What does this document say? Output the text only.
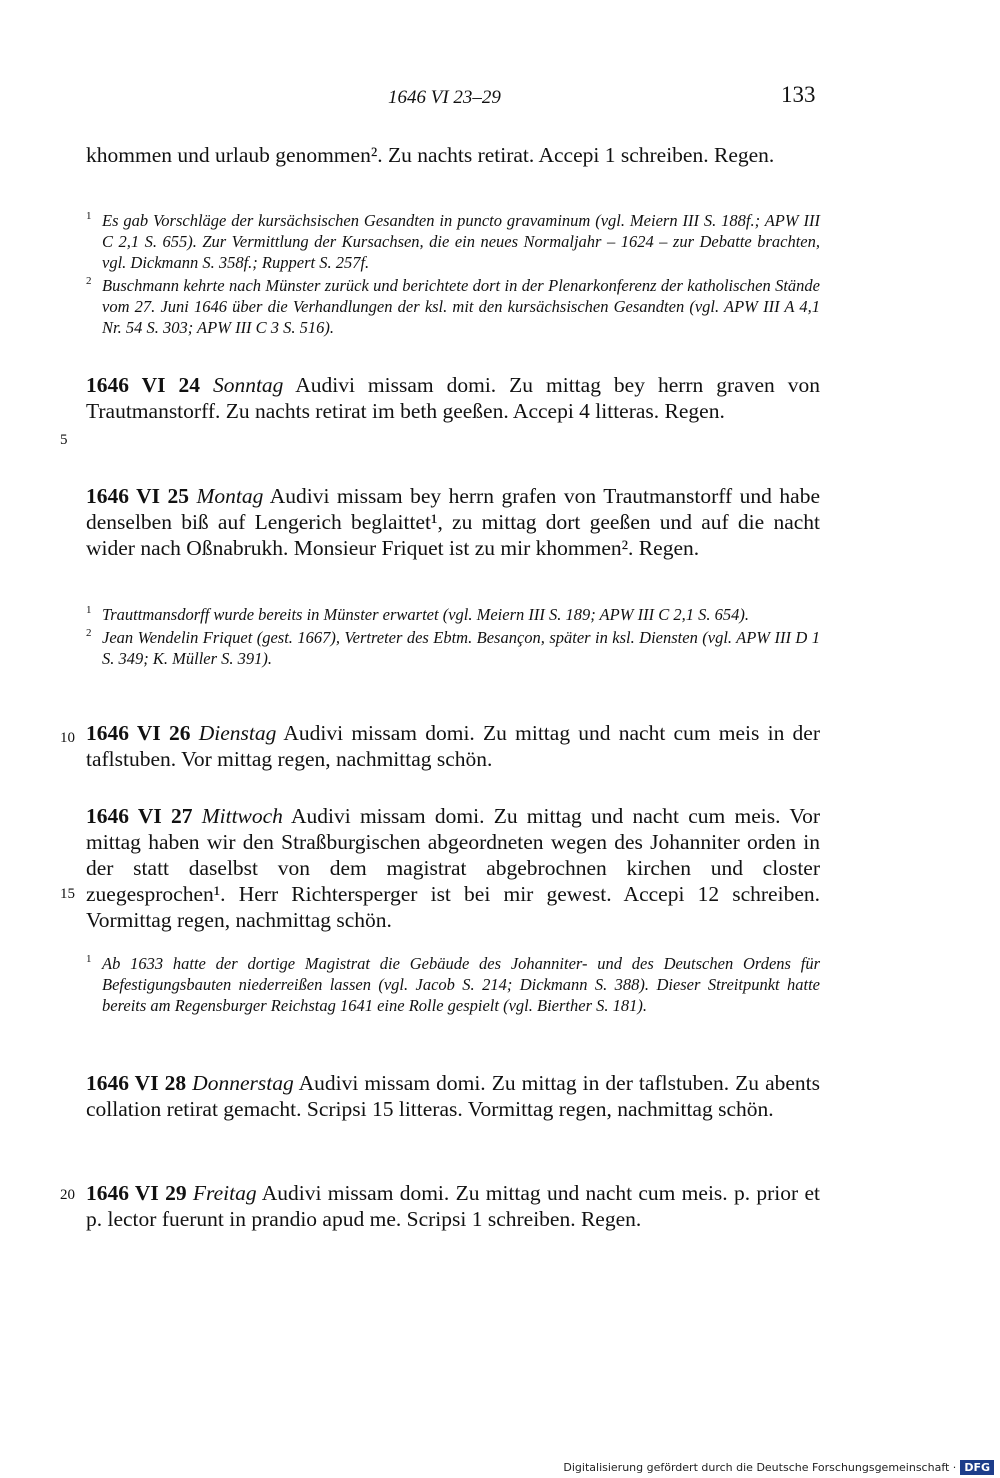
1646 VI 23–29	133
khommen und urlaub genommen². Zu nachts retirat. Accepi 1 schreiben. Regen.
1 Es gab Vorschläge der kursächsischen Gesandten in puncto gravaminum (vgl. Meiern III S. 188f.; APW III C 2,1 S. 655). Zur Vermittlung der Kursachsen, die ein neues Normaljahr – 1624 – zur Debatte brachten, vgl. Dickmann S. 358f.; Ruppert S. 257f.
2 Buschmann kehrte nach Münster zurück und berichtete dort in der Plenarkonferenz der katholischen Stände vom 27. Juni 1646 über die Verhandlungen der ksl. mit den kursächsischen Gesandten (vgl. APW III A 4,1 Nr. 54 S. 303; APW III C 3 S. 516).
1646 VI 24 Sonntag Audivi missam domi. Zu mittag bey herrn graven von Trautmanstorff. Zu nachts retirat im beth geeßen. Accepi 4 litteras. Regen.
5
1646 VI 25 Montag Audivi missam bey herrn grafen von Trautmanstorff und habe denselben biß auf Lengerich beglaittet¹, zu mittag dort geeßen und auf die nacht wider nach Oßnabrukh. Monsieur Friquet ist zu mir khommen². Regen.
1 Trauttmansdorff wurde bereits in Münster erwartet (vgl. Meiern III S. 189; APW III C 2,1 S. 654).
2 Jean Wendelin Friquet (gest. 1667), Vertreter des Ebtm. Besançon, später in ksl. Diensten (vgl. APW III D 1 S. 349; K. Müller S. 391).
1646 VI 26 Dienstag Audivi missam domi. Zu mittag und nacht cum meis in der taflstuben. Vor mittag regen, nachmittag schön.
10
1646 VI 27 Mittwoch Audivi missam domi. Zu mittag und nacht cum meis. Vor mittag haben wir den Straßburgischen abgeordneten wegen des Johanniter orden in der statt daselbst von dem magistrat abgebrochnen kirchen und closter zuegesprochen¹. Herr Richtersperger ist bei mir gewest. Accepi 12 schreiben. Vormittag regen, nachmittag schön.
15
1 Ab 1633 hatte der dortige Magistrat die Gebäude des Johanniter- und des Deutschen Ordens für Befestigungsbauten niederreißen lassen (vgl. Jacob S. 214; Dickmann S. 388). Dieser Streitpunkt hatte bereits am Regensburger Reichstag 1641 eine Rolle gespielt (vgl. Bierther S. 181).
1646 VI 28 Donnerstag Audivi missam domi. Zu mittag in der taflstuben. Zu abents collation retirat gemacht. Scripsi 15 litteras. Vormittag regen, nachmittag schön.
1646 VI 29 Freitag Audivi missam domi. Zu mittag und nacht cum meis. p. prior et p. lector fuerunt in prandio apud me. Scripsi 1 schreiben. Regen.
20
Digitalisierung gefördert durch die Deutsche Forschungsgemeinschaft · DFG
